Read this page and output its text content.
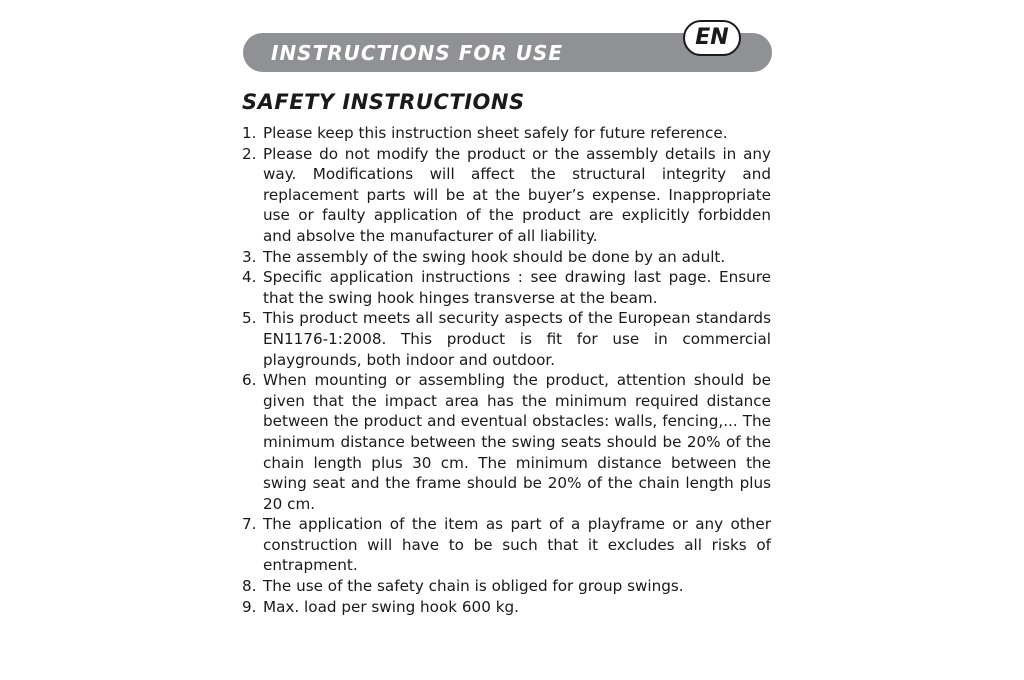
INSTRUCTIONS FOR USE
EN
SAFETY INSTRUCTIONS
1. Please keep this instruction sheet safely for future reference.
2. Please do not modify the product or the assembly details in any way. Modifications will affect the structural integrity and replacement parts will be at the buyer’s expense. Inappropriate use or faulty application of the product are explicitly forbidden and absolve the manufacturer of all liability.
3. The assembly of the swing hook should be done by an adult.
4. Specific application instructions : see drawing last page. Ensure that the swing hook hinges transverse at the beam.
5. This product meets all security aspects of the European standards EN1176-1:2008. This product is fit for use in commercial playgrounds, both indoor and outdoor.
6. When mounting or assembling the product, attention should be given that the impact area has the minimum required distance between the product and eventual obstacles: walls, fencing,... The minimum distance between the swing seats should be 20% of the chain length plus 30 cm. The minimum distance between the swing seat and the frame should be 20% of the chain length plus 20 cm.
7. The application of the item as part of a playframe or any other construction will have to be such that it excludes all risks of entrapment.
8. The use of the safety chain is obliged for group swings.
9. Max. load per swing hook 600 kg.
